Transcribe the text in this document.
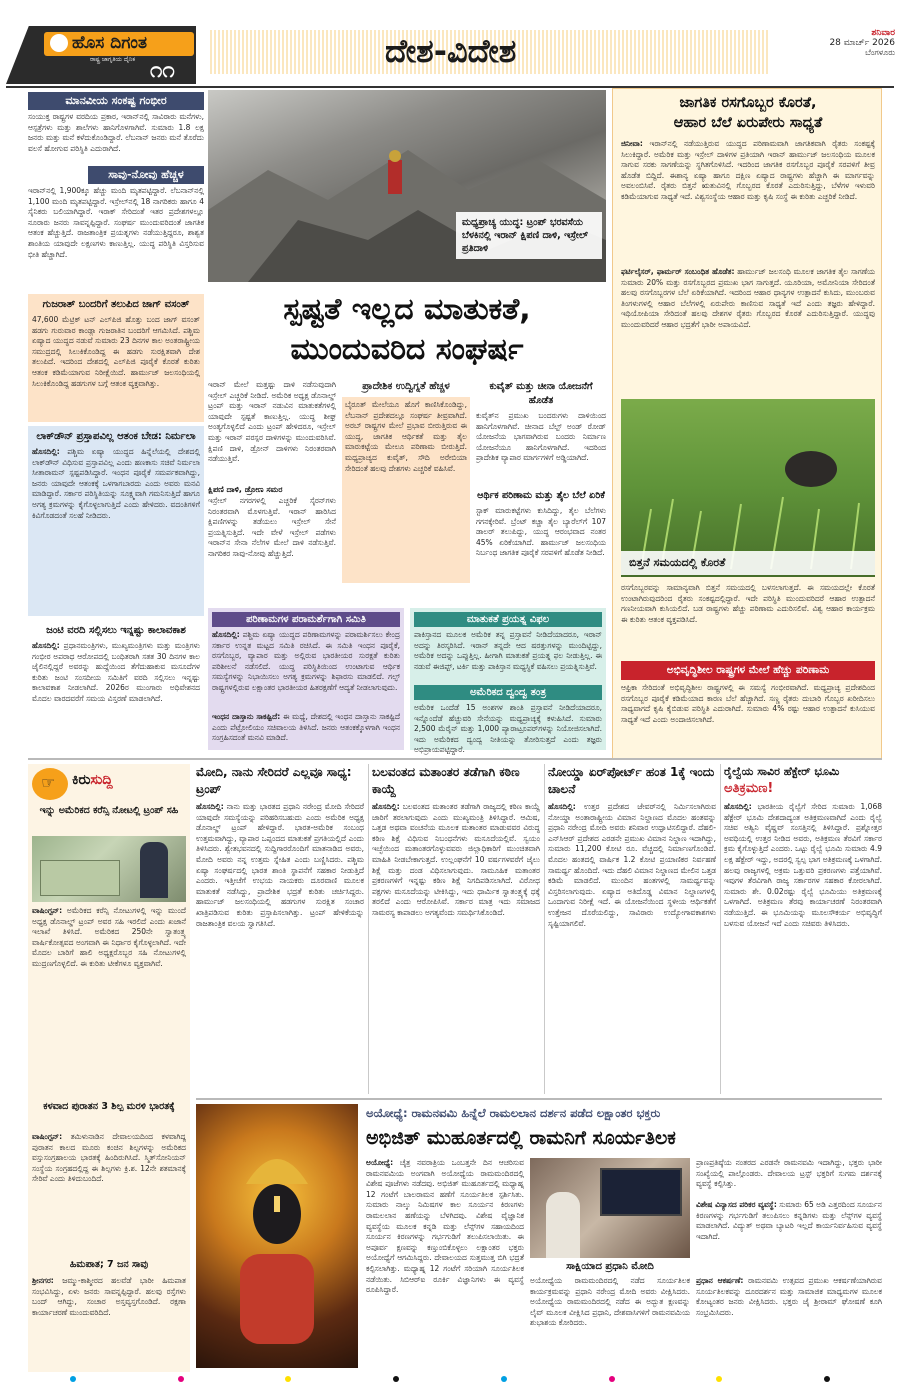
ಹೊಸ ದಿಗಂತ
ರಾಷ್ಟ್ರ ಜಾಗೃತಿಯ ದೈನಿಕ ೧೧
ದೇಶ-ವಿದೇಶ	ಶನಿವಾರ
28 ಮಾರ್ಚ್ 2026
ಬೆಂಗಳೂರು
ಮಾನವೀಯ ಸಂಕಷ್ಟ ಗಂಭೀರ
ಸಂಯುಕ್ತ ರಾಷ್ಟ್ರಗಳ ವರದಿಯ ಪ್ರಕಾರ, ಇರಾನ್‌ನಲ್ಲಿ ಸಾವಿರಾರು ಮನೆಗಳು, ಆಸ್ಪತ್ರೆಗಳು ಮತ್ತು ಶಾಲೆಗಳು ಹಾನಿಗೊಳಗಾಗಿವೆ. ಸುಮಾರು 1.8 ಲಕ್ಷ ಜನರು ಮತ್ತು ಮನೆ ಕಳೆದುಕೊಂಡಿದ್ದಾರೆ. ಲೆಬನಾನ್ ಜನರು ಮನೆ ತೊರೆದು ವಲಸೆ ಹೋಗುವ ಪರಿಸ್ಥಿತಿ ಎದುರಾಗಿದೆ.
ಸಾವು-ನೋವು ಹೆಚ್ಚಳ
ಇರಾನ್‌ನಲ್ಲಿ 1,900ಕ್ಕೂ ಹೆಚ್ಚು ಮಂದಿ ಮೃತಪಟ್ಟಿದ್ದಾರೆ. ಲೆಬನಾನ್‌ನಲ್ಲಿ 1,100 ಮಂದಿ ಮೃತಪಟ್ಟಿದ್ದಾರೆ. ಇಸ್ರೇಲ್‌ನಲ್ಲಿ 18 ನಾಗರಿಕರು ಹಾಗೂ 4 ಸೈನಿಕರು ಬಲಿಯಾಗಿದ್ದಾರೆ. ಇರಾಕ್ ಸೇರಿದಂತೆ ಇತರ ಪ್ರದೇಶಗಳಲ್ಲೂ ನೂರಾರು ಜನರು ಸಾವನ್ನಪ್ಪಿದ್ದಾರೆ. ಸಂಘರ್ಷ ಮುಂದುವರಿದಂತೆ ಜಾಗತಿಕ ಆತಂಕ ಹೆಚ್ಚುತ್ತಿದೆ. ರಾಜತಾಂತ್ರಿಕ ಪ್ರಯತ್ನಗಳು ನಡೆಯುತ್ತಿದ್ದರೂ, ಶಾಶ್ವತ ಶಾಂತಿಯ ಯಾವುದೇ ಲಕ್ಷಣಗಳು ಕಾಣುತ್ತಿಲ್ಲ. ಯುದ್ಧ ಪರಿಸ್ಥಿತಿ ವಿಸ್ತರಿಸುವ ಭೀತಿ ಹೆಚ್ಚಾಗಿದೆ.
ಗುಜರಾತ್ ಬಂದರಿಗೆ ತಲುಪಿದ ಜಾಗ್ ವಸಂತ್
47,600 ಮೆಟ್ರಿಕ್ ಟನ್ ಎಲ್‌ಪಿಜಿ ಹೊತ್ತು ಬಂದ ಜಾಗ್ ವಸಂತ್ ಹಡಗು ಗುರುವಾರ ಕಾಂಡ್ಲಾ ಗುಜರಾತಿನ ಬಂದರಿಗೆ ಆಗಮಿಸಿದೆ. ಪಶ್ಚಿಮ ಏಷ್ಯಾದ ಯುದ್ಧದ ನಡುವೆ ಸುಮಾರು 23 ದಿನಗಳ ಕಾಲ ಅಂತರಾಷ್ಟ್ರೀಯ ಸಮುದ್ರದಲ್ಲಿ ಸಿಲುಕಿಕೊಂಡಿದ್ದ ಈ ಹಡಗು ಸುರಕ್ಷಿತವಾಗಿ ದೇಶ ತಲುಪಿದೆ. ಇದರಿಂದ ದೇಶದಲ್ಲಿ ಎಲ್‌ಪಿಜಿ ಪೂರೈಕೆ ಕೊರತೆ ಕುರಿತು ಆತಂಕ ಕಡಿಮೆಯಾಗುವ ನಿರೀಕ್ಷೆಯಿದೆ. ಹಾರ್ಮುಜ್ ಜಲಸಂಧಿಯಲ್ಲಿ ಸಿಲುಕಿಕೊಂಡಿದ್ದ ಹಡಗುಗಳ ಬಗ್ಗೆ ಆತಂಕ ವ್ಯಕ್ತವಾಗಿತ್ತು.
ಲಾಕ್‌ಡೌನ್ ಪ್ರಸ್ತಾಪವಿಲ್ಲ ಆತಂಕ ಬೇಡ: ನಿರ್ಮಲಾ
ಹೊಸದಿಲ್ಲಿ: ಪಶ್ಚಿಮ ಏಷ್ಯಾ ಯುದ್ಧದ ಹಿನ್ನೆಲೆಯಲ್ಲಿ ದೇಶದಲ್ಲಿ ಲಾಕ್‌ಡೌನ್ ವಿಧಿಸುವ ಪ್ರಸ್ತಾಪವಿಲ್ಲ ಎಂದು ಹಣಕಾಸು ಸಚಿವೆ ನಿರ್ಮಲಾ ಸೀತಾರಾಮನ್ ಸ್ಪಷ್ಟಪಡಿಸಿದ್ದಾರೆ. ಇಂಧನ ಪೂರೈಕೆ ಸಮರ್ಪಕವಾಗಿದ್ದು, ಜನರು ಯಾವುದೇ ಆತಂಕಕ್ಕೆ ಒಳಗಾಗಬಾರದು ಎಂದು ಅವರು ಮನವಿ ಮಾಡಿದ್ದಾರೆ. ಸರ್ಕಾರ ಪರಿಸ್ಥಿತಿಯನ್ನು ಸೂಕ್ಷ್ಮವಾಗಿ ಗಮನಿಸುತ್ತಿದೆ ಹಾಗೂ ಅಗತ್ಯ ಕ್ರಮಗಳನ್ನು ಕೈಗೊಳ್ಳಲಾಗುತ್ತಿದೆ ಎಂದು ಹೇಳಿದರು. ವದಂತಿಗಳಿಗೆ ಕಿವಿಗೊಡದಂತೆ ಸಲಹೆ ನೀಡಿದರು.
ಜಂಟಿ ವರದಿ ಸಲ್ಲಿಸಲು ಇನ್ನಷ್ಟು ಕಾಲಾವಕಾಶ
ಹೊಸದಿಲ್ಲಿ: ಪ್ರಧಾನಮಂತ್ರಿಗಳು, ಮುಖ್ಯಮಂತ್ರಿಗಳು ಮತ್ತು ಮಂತ್ರಿಗಳು ಗಂಭೀರ ಅಪರಾಧ ಆರೋಪದಲ್ಲಿ ಬಂಧಿತರಾಗಿ ಸತತ 30 ದಿನಗಳ ಕಾಲ ಜೈಲಿನಲ್ಲಿದ್ದರೆ ಅವರನ್ನು ಹುದ್ದೆಯಿಂದ ತೆಗೆದುಹಾಕುವ ಮಸೂದೆಗಳ ಕುರಿತು ಜಂಟಿ ಸಂಸದೀಯ ಸಮಿತಿಗೆ ವರದಿ ಸಲ್ಲಿಸಲು ಇನ್ನಷ್ಟು ಕಾಲಾವಕಾಶ ನೀಡಲಾಗಿದೆ. 2026ರ ಮುಂಗಾರು ಅಧಿವೇಶನದ ಮೊದಲ ವಾರದವರೆಗೆ ಸಮಯ ವಿಸ್ತರಣೆ ಮಾಡಲಾಗಿದೆ.
ಮಧ್ಯಪ್ರಾಚ್ಯ ಯುದ್ಧ: ಟ್ರಂಪ್ ಭರವಸೆಯ ಬೆಳಕಿನಲ್ಲಿ ಇರಾನ್ ಕ್ಷಿಪಣಿ ದಾಳಿ, ಇಸ್ರೇಲ್ ಪ್ರತಿದಾಳಿ
ಸ್ಪಷ್ಟತೆ ಇಲ್ಲದ ಮಾತುಕತೆ,
ಮುಂದುವರಿದ ಸಂಘರ್ಷ
ಇರಾನ್ ಮೇಲೆ ಮತ್ತಷ್ಟು ದಾಳಿ ನಡೆಸುವುದಾಗಿ ಇಸ್ರೇಲ್ ಎಚ್ಚರಿಕೆ ನೀಡಿದೆ. ಅಮೆರಿಕ ಅಧ್ಯಕ್ಷ ಡೊನಾಲ್ಡ್ ಟ್ರಂಪ್ ಮತ್ತು ಇರಾನ್ ನಡುವಿನ ಮಾತುಕತೆಗಳಲ್ಲಿ ಯಾವುದೇ ಸ್ಪಷ್ಟತೆ ಕಾಣುತ್ತಿಲ್ಲ. ಯುದ್ಧ ಶೀಘ್ರ ಅಂತ್ಯಗೊಳ್ಳಲಿದೆ ಎಂದು ಟ್ರಂಪ್ ಹೇಳಿದರೂ, ಇಸ್ರೇಲ್ ಮತ್ತು ಇರಾನ್ ಪರಸ್ಪರ ದಾಳಿಗಳನ್ನು ಮುಂದುವರಿಸಿವೆ. ಕ್ಷಿಪಣಿ ದಾಳಿ, ಡ್ರೋನ್ ದಾಳಿಗಳು ನಿರಂತರವಾಗಿ ನಡೆಯುತ್ತಿವೆ.
ಕ್ಷಿಪಣಿ ದಾಳಿ, ಡ್ರೋಣ ಸಮರ
ಇಸ್ರೇಲ್ ನಗರಗಳಲ್ಲಿ ಎಚ್ಚರಿಕೆ ಸೈರನ್‌ಗಳು ನಿರಂತರವಾಗಿ ಮೊಳಗುತ್ತಿವೆ. ಇರಾನ್ ಹಾರಿಸಿದ ಕ್ಷಿಪಣಿಗಳನ್ನು ತಡೆಯಲು ಇಸ್ರೇಲ್ ಸೇನೆ ಪ್ರಯತ್ನಿಸುತ್ತಿದೆ. ಇದೇ ವೇಳೆ ಇಸ್ರೇಲ್ ಪಡೆಗಳು ಇರಾನ್‌ನ ಸೇನಾ ನೆಲೆಗಳ ಮೇಲೆ ದಾಳಿ ನಡೆಸುತ್ತಿವೆ. ನಾಗರಿಕರ ಸಾವು-ನೋವು ಹೆಚ್ಚುತ್ತಿದೆ.
ಪ್ರಾದೇಶಿಕ ಉದ್ವಿಗ್ನತೆ ಹೆಚ್ಚಳ
ಬೈರೂತ್ ಮೇಲೆಯೂ ಹೊಗೆ ಕಾಣಿಸಿಕೊಂಡಿದ್ದು, ಲೆಬನಾನ್ ಪ್ರದೇಶದಲ್ಲೂ ಸಂಘರ್ಷ ತೀವ್ರವಾಗಿದೆ. ಅರಬ್ ರಾಷ್ಟ್ರಗಳ ಮೇಲೆ ಪ್ರಭಾವ ಬೀರುತ್ತಿರುವ ಈ ಯುದ್ಧ, ಜಾಗತಿಕ ಆರ್ಥಿಕತೆ ಮತ್ತು ತೈಲ ಮಾರುಕಟ್ಟೆಯ ಮೇಲೂ ಪರಿಣಾಮ ಬೀರುತ್ತಿದೆ. ಮಧ್ಯಪ್ರಾಚ್ಯದ ಕುವೈತ್, ಸೌದಿ ಅರೇಬಿಯಾ ಸೇರಿದಂತೆ ಹಲವು ದೇಶಗಳು ಎಚ್ಚರಿಕೆ ವಹಿಸಿವೆ.
ಕುವೈತ್ ಮತ್ತು ಚೀನಾ ಯೋಜನೆಗೆ ಹೊಡೆತ
ಕುವೈತ್‌ನ ಪ್ರಮುಖ ಬಂದರುಗಳು ದಾಳಿಯಿಂದ ಹಾನಿಗೊಳಗಾಗಿವೆ. ಚೀನಾದ ಬೆಲ್ಟ್ ಅಂಡ್ ರೋಡ್ ಯೋಜನೆಯ ಭಾಗವಾಗಿರುವ ಬಂದರು ನಿರ್ಮಾಣ ಯೋಜನೆಯೂ ಹಾನಿಗೊಳಗಾಗಿದೆ. ಇದರಿಂದ ಪ್ರಾದೇಶಿಕ ವ್ಯಾಪಾರ ಮಾರ್ಗಗಳಿಗೆ ಅಡ್ಡಿಯಾಗಿದೆ.
ಆರ್ಥಿಕ ಪರಿಣಾಮ ಮತ್ತು ತೈಲ ಬೆಲೆ ಏರಿಕೆ
ಸ್ಟಾಕ್ ಮಾರುಕಟ್ಟೆಗಳು ಕುಸಿದಿದ್ದು, ತೈಲ ಬೆಲೆಗಳು ಗಗನಕ್ಕೇರಿವೆ. ಬ್ರೆಂಟ್ ಕಚ್ಚಾ ತೈಲ ಬ್ಯಾರೆಲ್‌ಗೆ 107 ಡಾಲರ್ ತಲುಪಿದ್ದು, ಯುದ್ಧ ಆರಂಭವಾದ ನಂತರ 45% ಏರಿಕೆಯಾಗಿದೆ. ಹಾರ್ಮುಜ್ ಜಲಸಂಧಿಯ ನಿರ್ಬಂಧ ಜಾಗತಿಕ ಪೂರೈಕೆ ಸರಪಳಿಗೆ ಹೊಡೆತ ನೀಡಿದೆ.
ಜಾಗತಿಕ ರಸಗೊಬ್ಬರ ಕೊರತೆ,
ಆಹಾರ ಬೆಲೆ ಏರುಪೇರು ಸಾಧ್ಯತೆ
ಜಿನೀವಾ: ಇರಾನ್‌ನಲ್ಲಿ ನಡೆಯುತ್ತಿರುವ ಯುದ್ಧದ ಪರಿಣಾಮವಾಗಿ ಜಾಗತಿಕವಾಗಿ ರೈತರು ಸಂಕಷ್ಟಕ್ಕೆ ಸಿಲುಕಿದ್ದಾರೆ. ಅಮೆರಿಕ ಮತ್ತು ಇಸ್ರೇಲ್ ದಾಳಿಗಳ ಪ್ರತಿಯಾಗಿ ಇರಾನ್ ಹಾರ್ಮುಜ್ ಜಲಸಂಧಿಯ ಮೂಲಕ ಸಾಗುವ ಸರಕು ಸಾಗಣೆಯನ್ನು ಸ್ಥಗಿತಗೊಳಿಸಿದೆ. ಇದರಿಂದ ಜಾಗತಿಕ ರಸಗೊಬ್ಬರ ಪೂರೈಕೆ ಸರಪಳಿಗೆ ತೀವ್ರ ಹೊಡೆತ ಬಿದ್ದಿದೆ. ಈಶಾನ್ಯ ಏಷ್ಯಾ ಹಾಗೂ ದಕ್ಷಿಣ ಏಷ್ಯಾದ ರಾಷ್ಟ್ರಗಳು ಹೆಚ್ಚಾಗಿ ಈ ಮಾರ್ಗವನ್ನು ಅವಲಂಬಿಸಿವೆ. ರೈತರು ಬಿತ್ತನೆ ಋತುವಿನಲ್ಲಿ ಗೊಬ್ಬರದ ಕೊರತೆ ಎದುರಿಸುತ್ತಿದ್ದು, ಬೆಳೆಗಳ ಇಳುವರಿ ಕಡಿಮೆಯಾಗುವ ಸಾಧ್ಯತೆ ಇದೆ. ವಿಶ್ವಸಂಸ್ಥೆಯ ಆಹಾರ ಮತ್ತು ಕೃಷಿ ಸಂಸ್ಥೆ ಈ ಕುರಿತು ಎಚ್ಚರಿಕೆ ನೀಡಿದೆ.
ಫರ್ಟಿಲೈಸರ್, ಫಾರ್ಮರ್ ಸಂಬಂಧಿತ ಹೊಡೆತ: ಹಾರ್ಮುಜ್ ಜಲಸಂಧಿ ಮೂಲಕ ಜಾಗತಿಕ ತೈಲ ಸಾಗಣೆಯ ಸುಮಾರು 20% ಮತ್ತು ರಸಗೊಬ್ಬರದ ಪ್ರಮುಖ ಭಾಗ ಸಾಗುತ್ತದೆ. ಯೂರಿಯಾ, ಅಮೋನಿಯಾ ಸೇರಿದಂತೆ ಹಲವು ರಸಗೊಬ್ಬರಗಳ ಬೆಲೆ ಏರಿಕೆಯಾಗಿದೆ. ಇದರಿಂದ ಆಹಾರ ಧಾನ್ಯಗಳ ಉತ್ಪಾದನೆ ಕುಸಿದು, ಮುಂಬರುವ ತಿಂಗಳುಗಳಲ್ಲಿ ಆಹಾರ ಬೆಲೆಗಳಲ್ಲಿ ಏರುಪೇರು ಕಾಣಿಸುವ ಸಾಧ್ಯತೆ ಇದೆ ಎಂದು ತಜ್ಞರು ಹೇಳಿದ್ದಾರೆ. ಇಥಿಯೋಪಿಯಾ ಸೇರಿದಂತೆ ಹಲವು ದೇಶಗಳ ರೈತರು ಗೊಬ್ಬರದ ಕೊರತೆ ಎದುರಿಸುತ್ತಿದ್ದಾರೆ. ಯುದ್ಧವು ಮುಂದುವರಿದರೆ ಆಹಾರ ಭದ್ರತೆಗೆ ಭಾರೀ ಅಪಾಯವಿದೆ.
ಬಿತ್ತನೆ ಸಮಯದಲ್ಲಿ ಕೊರತೆ
ರಸಗೊಬ್ಬರವನ್ನು ಸಾಮಾನ್ಯವಾಗಿ ಬಿತ್ತನೆ ಸಮಯದಲ್ಲಿ ಬಳಸಲಾಗುತ್ತದೆ. ಈ ಸಮಯದಲ್ಲೇ ಕೊರತೆ ಉಂಟಾಗಿರುವುದರಿಂದ ರೈತರು ಸಂಕಷ್ಟದಲ್ಲಿದ್ದಾರೆ. ಇದೇ ಪರಿಸ್ಥಿತಿ ಮುಂದುವರಿದರೆ ಆಹಾರ ಉತ್ಪಾದನೆ ಗಣನೀಯವಾಗಿ ಕುಸಿಯಲಿದೆ. ಬಡ ರಾಷ್ಟ್ರಗಳು ಹೆಚ್ಚು ಪರಿಣಾಮ ಎದುರಿಸಲಿವೆ. ವಿಶ್ವ ಆಹಾರ ಕಾರ್ಯಕ್ರಮ ಈ ಕುರಿತು ಆತಂಕ ವ್ಯಕ್ತಪಡಿಸಿದೆ.
ಅಭಿವೃದ್ಧಿಶೀಲ ರಾಷ್ಟ್ರಗಳ ಮೇಲೆ ಹೆಚ್ಚು ಪರಿಣಾಮ
ಆಫ್ರಿಕಾ ಸೇರಿದಂತೆ ಅಭಿವೃದ್ಧಿಶೀಲ ರಾಷ್ಟ್ರಗಳಲ್ಲಿ ಈ ಸಮಸ್ಯೆ ಗಂಭೀರವಾಗಿದೆ. ಮಧ್ಯಪ್ರಾಚ್ಯ ಪ್ರದೇಶದಿಂದ ರಸಗೊಬ್ಬರ ಪೂರೈಕೆ ಕಡಿಮೆಯಾದ ಕಾರಣ ಬೆಲೆ ಹೆಚ್ಚಾಗಿದೆ. ಸಣ್ಣ ರೈತರು ದುಬಾರಿ ಗೊಬ್ಬರ ಖರೀದಿಸಲು ಸಾಧ್ಯವಾಗದೆ ಕೃಷಿ ಕೈಬಿಡುವ ಪರಿಸ್ಥಿತಿ ಎದುರಾಗಿದೆ. ಸುಮಾರು 4% ರಷ್ಟು ಆಹಾರ ಉತ್ಪಾದನೆ ಕುಸಿಯುವ ಸಾಧ್ಯತೆ ಇದೆ ಎಂದು ಅಂದಾಜಿಸಲಾಗಿದೆ.
ಪರಿಣಾಮಗಳ ಪರಾಮರ್ಶೆಗಾಗಿ ಸಮಿತಿ
ಹೊಸದಿಲ್ಲಿ: ಪಶ್ಚಿಮ ಏಷ್ಯಾ ಯುದ್ಧದ ಪರಿಣಾಮಗಳನ್ನು ಪರಾಮರ್ಶಿಸಲು ಕೇಂದ್ರ ಸರ್ಕಾರ ಉನ್ನತ ಮಟ್ಟದ ಸಮಿತಿ ರಚಿಸಿದೆ. ಈ ಸಮಿತಿ ಇಂಧನ ಪೂರೈಕೆ, ರಸಗೊಬ್ಬರ, ವ್ಯಾಪಾರ ಮತ್ತು ಅಲ್ಲಿರುವ ಭಾರತೀಯರ ಸುರಕ್ಷತೆ ಕುರಿತು ಪರಿಶೀಲನೆ ನಡೆಸಲಿದೆ. ಯುದ್ಧ ಪರಿಸ್ಥಿತಿಯಿಂದ ಉಂಟಾಗುವ ಆರ್ಥಿಕ ಸಮಸ್ಯೆಗಳನ್ನು ನಿಭಾಯಿಸಲು ಅಗತ್ಯ ಕ್ರಮಗಳನ್ನು ಶಿಫಾರಸು ಮಾಡಲಿದೆ. ಗಲ್ಫ್ ರಾಷ್ಟ್ರಗಳಲ್ಲಿರುವ ಲಕ್ಷಾಂತರ ಭಾರತೀಯರ ಹಿತರಕ್ಷಣೆಗೆ ಆದ್ಯತೆ ನೀಡಲಾಗುವುದು.
ಇಂಧನ ದಾಸ್ತಾನು ಸಾಕಷ್ಟಿದೆ: ಈ ಮಧ್ಯೆ, ದೇಶದಲ್ಲಿ ಇಂಧನ ದಾಸ್ತಾನು ಸಾಕಷ್ಟಿದೆ ಎಂದು ಪೆಟ್ರೋಲಿಯಂ ಸಚಿವಾಲಯ ತಿಳಿಸಿದೆ. ಜನರು ಆತಂಕಕ್ಕೊಳಗಾಗಿ ಇಂಧನ ಸಂಗ್ರಹಿಸದಂತೆ ಮನವಿ ಮಾಡಿದೆ.
ಮಾತುಕತೆ ಪ್ರಯತ್ನ ವಿಫಲ
ಪಾಕಿಸ್ತಾನದ ಮೂಲಕ ಅಮೆರಿಕ ತನ್ನ ಪ್ರಸ್ತಾವನೆ ನೀಡಿದೆಯಾದರೂ, ಇರಾನ್ ಅದನ್ನು ತಿರಸ್ಕರಿಸಿದೆ. ಇರಾನ್ ತನ್ನದೇ ಆದ ಷರತ್ತುಗಳನ್ನು ಮುಂದಿಟ್ಟಿದ್ದು, ಅಮೆರಿಕ ಅದನ್ನು ಒಪ್ಪುತ್ತಿಲ್ಲ. ಹೀಗಾಗಿ ಮಾತುಕತೆ ಪ್ರಯತ್ನ ಫಲ ನೀಡುತ್ತಿಲ್ಲ. ಈ ನಡುವೆ ಈಜಿಪ್ಟ್, ಟರ್ಕಿ ಮತ್ತು ಪಾಕಿಸ್ತಾನ ಮಧ್ಯಸ್ಥಿಕೆ ವಹಿಸಲು ಪ್ರಯತ್ನಿಸುತ್ತಿವೆ.
ಅಮೆರಿಕದ ದ್ವಂದ್ವ ತಂತ್ರ
ಅಮೆರಿಕ ಒಂದೆಡೆ 15 ಅಂಶಗಳ ಶಾಂತಿ ಪ್ರಸ್ತಾವನೆ ನೀಡಿದೆಯಾದರೂ, ಇನ್ನೊಂದೆಡೆ ಹೆಚ್ಚುವರಿ ಸೇನೆಯನ್ನು ಮಧ್ಯಪ್ರಾಚ್ಯಕ್ಕೆ ಕಳುಹಿಸಿದೆ. ಸುಮಾರು 2,500 ಮೆರೈನ್ ಮತ್ತು 1,000 ಪ್ಯಾರಾಟ್ರೂಪರ್‌ಗಳನ್ನು ನಿಯೋಜಿಸಲಾಗಿದೆ. ಇದು ಅಮೆರಿಕದ ದ್ವಂದ್ವ ನೀತಿಯನ್ನು ತೋರಿಸುತ್ತದೆ ಎಂದು ತಜ್ಞರು ಅಭಿಪ್ರಾಯಪಟ್ಟಿದ್ದಾರೆ.
☞ ಕಿರುಸುದ್ದಿ
ಇನ್ನು ಅಮೆರಿಕದ ಕರೆನ್ಸಿ ನೋಟಲ್ಲಿ ಟ್ರಂಪ್ ಸಹಿ
ವಾಷಿಂಗ್ಟನ್: ಅಮೆರಿಕದ ಕರೆನ್ಸಿ ನೋಟುಗಳಲ್ಲಿ ಇನ್ನು ಮುಂದೆ ಅಧ್ಯಕ್ಷ ಡೊನಾಲ್ಡ್ ಟ್ರಂಪ್ ಅವರ ಸಹಿ ಇರಲಿದೆ ಎಂದು ಖಜಾನೆ ಇಲಾಖೆ ತಿಳಿಸಿದೆ. ಅಮೆರಿಕದ 250ನೇ ಸ್ವಾತಂತ್ರ್ಯ ವಾರ್ಷಿಕೋತ್ಸವದ ಅಂಗವಾಗಿ ಈ ನಿರ್ಧಾರ ಕೈಗೊಳ್ಳಲಾಗಿದೆ. ಇದೇ ಮೊದಲ ಬಾರಿಗೆ ಹಾಲಿ ಅಧ್ಯಕ್ಷರೊಬ್ಬರ ಸಹಿ ನೋಟುಗಳಲ್ಲಿ ಮುದ್ರಣಗೊಳ್ಳಲಿದೆ. ಈ ಕುರಿತು ಟೀಕೆಗಳೂ ವ್ಯಕ್ತವಾಗಿವೆ.
ಕಳವಾದ ಪುರಾತನ 3 ಶಿಲ್ಪ ಮರಳಿ ಭಾರತಕ್ಕೆ
ವಾಷಿಂಗ್ಟನ್: ತಮಿಳುನಾಡಿನ ದೇವಾಲಯದಿಂದ ಕಳವಾಗಿದ್ದ ಪುರಾತನ ಕಾಲದ ಮೂರು ಕಂಚಿನ ಶಿಲ್ಪಗಳನ್ನು ಅಮೆರಿಕದ ವಸ್ತುಸಂಗ್ರಹಾಲಯ ಭಾರತಕ್ಕೆ ಹಿಂದಿರುಗಿಸಿದೆ. ಸ್ಮಿತ್‌ಸೋನಿಯನ್ ಸಂಸ್ಥೆಯ ಸಂಗ್ರಹದಲ್ಲಿದ್ದ ಈ ಶಿಲ್ಪಗಳು ಕ್ರಿ.ಶ. 12ನೇ ಶತಮಾನಕ್ಕೆ ಸೇರಿವೆ ಎಂದು ತಿಳಿದುಬಂದಿದೆ.
ಹಿಮಪಾತ; 7 ಜನ ಸಾವು
ಶ್ರೀನಗರ: ಜಮ್ಮು-ಕಾಶ್ಮೀರದ ಹಲವೆಡೆ ಭಾರೀ ಹಿಮಪಾತ ಸಂಭವಿಸಿದ್ದು, ಏಳು ಜನರು ಸಾವನ್ನಪ್ಪಿದ್ದಾರೆ. ಹಲವು ರಸ್ತೆಗಳು ಬಂದ್ ಆಗಿದ್ದು, ಸಂಚಾರ ಅಸ್ತವ್ಯಸ್ತಗೊಂಡಿದೆ. ರಕ್ಷಣಾ ಕಾರ್ಯಾಚರಣೆ ಮುಂದುವರಿದಿದೆ.
ಮೋದಿ, ನಾನು ಸೇರಿದರೆ ಎಲ್ಲವೂ ಸಾಧ್ಯ: ಟ್ರಂಪ್
ಹೊಸದಿಲ್ಲಿ: ನಾನು ಮತ್ತು ಭಾರತದ ಪ್ರಧಾನಿ ನರೇಂದ್ರ ಮೋದಿ ಸೇರಿದರೆ ಯಾವುದೇ ಸಮಸ್ಯೆಯನ್ನು ಪರಿಹರಿಸಬಹುದು ಎಂದು ಅಮೆರಿಕ ಅಧ್ಯಕ್ಷ ಡೊನಾಲ್ಡ್ ಟ್ರಂಪ್ ಹೇಳಿದ್ದಾರೆ. ಭಾರತ-ಅಮೆರಿಕ ಸಂಬಂಧ ಉತ್ತಮವಾಗಿದ್ದು, ವ್ಯಾಪಾರ ಒಪ್ಪಂದದ ಮಾತುಕತೆ ಪ್ರಗತಿಯಲ್ಲಿದೆ ಎಂದು ತಿಳಿಸಿದರು. ಶ್ವೇತಭವನದಲ್ಲಿ ಸುದ್ದಿಗಾರರೊಂದಿಗೆ ಮಾತನಾಡಿದ ಅವರು, ಮೋದಿ ಅವರು ನನ್ನ ಉತ್ತಮ ಸ್ನೇಹಿತ ಎಂದು ಬಣ್ಣಿಸಿದರು. ಪಶ್ಚಿಮ ಏಷ್ಯಾ ಸಂಘರ್ಷದಲ್ಲಿ ಭಾರತ ಶಾಂತಿ ಸ್ಥಾಪನೆಗೆ ಸಹಕಾರ ನೀಡುತ್ತಿದೆ ಎಂದರು. ಇತ್ತೀಚೆಗೆ ಉಭಯ ನಾಯಕರು ದೂರವಾಣಿ ಮೂಲಕ ಮಾತುಕತೆ ನಡೆಸಿದ್ದು, ಪ್ರಾದೇಶಿಕ ಭದ್ರತೆ ಕುರಿತು ಚರ್ಚಿಸಿದ್ದರು. ಹಾರ್ಮುಜ್ ಜಲಸಂಧಿಯಲ್ಲಿ ಹಡಗುಗಳ ಸುರಕ್ಷಿತ ಸಂಚಾರ ಖಾತ್ರಿಪಡಿಸುವ ಕುರಿತು ಪ್ರಸ್ತಾಪಿಸಲಾಗಿತ್ತು. ಟ್ರಂಪ್ ಹೇಳಿಕೆಯನ್ನು ರಾಜತಾಂತ್ರಿಕ ವಲಯ ಸ್ವಾಗತಿಸಿದೆ.
ಬಲವಂತದ ಮತಾಂತರ ತಡೆಗಾಗಿ ಕಠಿಣ ಕಾಯ್ದೆ
ಹೊಸದಿಲ್ಲಿ: ಬಲವಂತದ ಮತಾಂತರ ತಡೆಗಾಗಿ ರಾಜ್ಯದಲ್ಲಿ ಕಠಿಣ ಕಾಯ್ದೆ ಜಾರಿಗೆ ತರಲಾಗುವುದು ಎಂದು ಮುಖ್ಯಮಂತ್ರಿ ತಿಳಿಸಿದ್ದಾರೆ. ಆಮಿಷ, ಒತ್ತಡ ಅಥವಾ ವಂಚನೆಯ ಮೂಲಕ ಮತಾಂತರ ಮಾಡುವವರ ವಿರುದ್ಧ ಕಠಿಣ ಶಿಕ್ಷೆ ವಿಧಿಸುವ ನಿಬಂಧನೆಗಳು ಮಸೂದೆಯಲ್ಲಿವೆ. ಸ್ವಯಂ ಇಚ್ಛೆಯಿಂದ ಮತಾಂತರಗೊಳ್ಳುವವರು ಜಿಲ್ಲಾಧಿಕಾರಿಗೆ ಮುಂಚಿತವಾಗಿ ಮಾಹಿತಿ ನೀಡಬೇಕಾಗುತ್ತದೆ. ಉಲ್ಲಂಘನೆಗೆ 10 ವರ್ಷಗಳವರೆಗೆ ಜೈಲು ಶಿಕ್ಷೆ ಮತ್ತು ದಂಡ ವಿಧಿಸಲಾಗುವುದು. ಸಾಮೂಹಿಕ ಮತಾಂತರ ಪ್ರಕರಣಗಳಿಗೆ ಇನ್ನಷ್ಟು ಕಠಿಣ ಶಿಕ್ಷೆ ನಿಗದಿಪಡಿಸಲಾಗಿದೆ. ವಿರೋಧ ಪಕ್ಷಗಳು ಮಸೂದೆಯನ್ನು ಟೀಕಿಸಿದ್ದು, ಇದು ಧಾರ್ಮಿಕ ಸ್ವಾತಂತ್ರ್ಯಕ್ಕೆ ಧಕ್ಕೆ ತರಲಿದೆ ಎಂದು ಆರೋಪಿಸಿವೆ. ಸರ್ಕಾರ ಮಾತ್ರ ಇದು ಸಮಾಜದ ಸಾಮರಸ್ಯ ಕಾಪಾಡಲು ಅಗತ್ಯವೆಂದು ಸಮರ್ಥಿಸಿಕೊಂಡಿದೆ.
ನೋಯ್ಡಾ ಏರ್‌ಪೋರ್ಟ್ ಹಂತ 1ಕ್ಕೆ ಇಂದು ಚಾಲನೆ
ಹೊಸದಿಲ್ಲಿ: ಉತ್ತರ ಪ್ರದೇಶದ ಜೇವರ್‌ನಲ್ಲಿ ನಿರ್ಮಿಸಲಾಗಿರುವ ನೋಯ್ಡಾ ಅಂತಾರಾಷ್ಟ್ರೀಯ ವಿಮಾನ ನಿಲ್ದಾಣದ ಮೊದಲ ಹಂತವನ್ನು ಪ್ರಧಾನಿ ನರೇಂದ್ರ ಮೋದಿ ಅವರು ಶನಿವಾರ ಉದ್ಘಾಟಿಸಲಿದ್ದಾರೆ. ದೆಹಲಿ-ಎನ್‌ಸಿಆರ್ ಪ್ರದೇಶದ ಎರಡನೇ ಪ್ರಮುಖ ವಿಮಾನ ನಿಲ್ದಾಣ ಇದಾಗಿದ್ದು, ಸುಮಾರು 11,200 ಕೋಟಿ ರೂ. ವೆಚ್ಚದಲ್ಲಿ ನಿರ್ಮಾಣಗೊಂಡಿದೆ. ಮೊದಲ ಹಂತದಲ್ಲಿ ವಾರ್ಷಿಕ 1.2 ಕೋಟಿ ಪ್ರಯಾಣಿಕರ ನಿರ್ವಹಣೆ ಸಾಮರ್ಥ್ಯ ಹೊಂದಿದೆ. ಇದು ದೆಹಲಿ ವಿಮಾನ ನಿಲ್ದಾಣದ ಮೇಲಿನ ಒತ್ತಡ ಕಡಿಮೆ ಮಾಡಲಿದೆ. ಮುಂದಿನ ಹಂತಗಳಲ್ಲಿ ಸಾಮರ್ಥ್ಯವನ್ನು ವಿಸ್ತರಿಸಲಾಗುವುದು. ಏಷ್ಯಾದ ಅತಿದೊಡ್ಡ ವಿಮಾನ ನಿಲ್ದಾಣಗಳಲ್ಲಿ ಒಂದಾಗುವ ನಿರೀಕ್ಷೆ ಇದೆ. ಈ ಯೋಜನೆಯಿಂದ ಸ್ಥಳೀಯ ಆರ್ಥಿಕತೆಗೆ ಉತ್ತೇಜನ ದೊರೆಯಲಿದ್ದು, ಸಾವಿರಾರು ಉದ್ಯೋಗಾವಕಾಶಗಳು ಸೃಷ್ಟಿಯಾಗಲಿವೆ.
ರೈಲ್ವೆಯ ಸಾವಿರ ಹೆಕ್ಟೇರ್ ಭೂಮಿ
ಅತಿಕ್ರಮಣ!
ಹೊಸದಿಲ್ಲಿ: ಭಾರತೀಯ ರೈಲ್ವೆಗೆ ಸೇರಿದ ಸುಮಾರು 1,068 ಹೆಕ್ಟೇರ್ ಭೂಮಿ ದೇಶದಾದ್ಯಂತ ಅತಿಕ್ರಮಣವಾಗಿದೆ ಎಂದು ರೈಲ್ವೆ ಸಚಿವ ಅಶ್ವಿನಿ ವೈಷ್ಣವ್ ಸಂಸತ್ತಿನಲ್ಲಿ ತಿಳಿಸಿದ್ದಾರೆ. ಪ್ರಶ್ನೋತ್ತರ ಅವಧಿಯಲ್ಲಿ ಉತ್ತರ ನೀಡಿದ ಅವರು, ಅತಿಕ್ರಮಣ ತೆರವಿಗೆ ಸರ್ಕಾರ ಕ್ರಮ ಕೈಗೊಳ್ಳುತ್ತಿದೆ ಎಂದರು. ಒಟ್ಟು ರೈಲ್ವೆ ಭೂಮಿ ಸುಮಾರು 4.9 ಲಕ್ಷ ಹೆಕ್ಟೇರ್ ಇದ್ದು, ಅದರಲ್ಲಿ ಸ್ವಲ್ಪ ಭಾಗ ಅತಿಕ್ರಮಣಕ್ಕೆ ಒಳಗಾಗಿದೆ. ಹಲವು ರಾಜ್ಯಗಳಲ್ಲಿ ಅಕ್ರಮ ಒತ್ತುವರಿ ಪ್ರಕರಣಗಳು ಪತ್ತೆಯಾಗಿವೆ. ಇವುಗಳ ತೆರವಿಗಾಗಿ ರಾಜ್ಯ ಸರ್ಕಾರಗಳ ಸಹಕಾರ ಕೋರಲಾಗಿದೆ. ಸುಮಾರು ಶೇ. 0.02ರಷ್ಟು ರೈಲ್ವೆ ಭೂಮಿಯು ಅತಿಕ್ರಮಣಕ್ಕೆ ಒಳಗಾಗಿದೆ. ಅತಿಕ್ರಮಣ ತೆರವು ಕಾರ್ಯಾಚರಣೆ ನಿರಂತರವಾಗಿ ನಡೆಯುತ್ತಿದೆ. ಈ ಭೂಮಿಯನ್ನು ಮೂಲಸೌಕರ್ಯ ಅಭಿವೃದ್ಧಿಗೆ ಬಳಸುವ ಯೋಜನೆ ಇದೆ ಎಂದು ಸಚಿವರು ತಿಳಿಸಿದರು.
ಅಯೋಧ್ಯೆ: ರಾಮನವಮಿ ಹಿನ್ನೆಲೆ ರಾಮಲಲಾನ ದರ್ಶನ ಪಡೆದ ಲಕ್ಷಾಂತರ ಭಕ್ತರು
ಅಭಿಜಿತ್ ಮುಹೂರ್ತದಲ್ಲಿ ರಾಮನಿಗೆ ಸೂರ್ಯತಿಲಕ
ಅಯೋಧ್ಯೆ: ಚೈತ್ರ ನವರಾತ್ರಿಯ ಒಂಬತ್ತನೇ ದಿನ ಆಚರಿಸುವ ರಾಮನವಮಿಯ ಅಂಗವಾಗಿ ಅಯೋಧ್ಯೆಯ ರಾಮಮಂದಿರದಲ್ಲಿ ವಿಶೇಷ ಪೂಜೆಗಳು ನಡೆದವು. ಅಭಿಜಿತ್ ಮುಹೂರ್ತದಲ್ಲಿ ಮಧ್ಯಾಹ್ನ 12 ಗಂಟೆಗೆ ಬಾಲರಾಮನ ಹಣೆಗೆ ಸೂರ್ಯತಿಲಕ ಸ್ಪರ್ಶಿಸಿತು. ಸುಮಾರು ನಾಲ್ಕು ನಿಮಿಷಗಳ ಕಾಲ ಸೂರ್ಯನ ಕಿರಣಗಳು ರಾಮಲಲಾನ ಹಣೆಯನ್ನು ಬೆಳಗಿದವು. ವಿಶೇಷ ವೈಜ್ಞಾನಿಕ ವ್ಯವಸ್ಥೆಯ ಮೂಲಕ ಕನ್ನಡಿ ಮತ್ತು ಲೆನ್ಸ್‌ಗಳ ಸಹಾಯದಿಂದ ಸೂರ್ಯನ ಕಿರಣಗಳನ್ನು ಗರ್ಭಗುಡಿಗೆ ತಲುಪಿಸಲಾಯಿತು. ಈ ಅಪೂರ್ವ ಕ್ಷಣವನ್ನು ಕಣ್ತುಂಬಿಕೊಳ್ಳಲು ಲಕ್ಷಾಂತರ ಭಕ್ತರು ಅಯೋಧ್ಯೆಗೆ ಆಗಮಿಸಿದ್ದರು. ದೇವಾಲಯದ ಸುತ್ತಮುತ್ತ ಬಿಗಿ ಭದ್ರತೆ ಕಲ್ಪಿಸಲಾಗಿತ್ತು. ಮಧ್ಯಾಹ್ನ 12 ಗಂಟೆಗೆ ಸರಿಯಾಗಿ ಸೂರ್ಯತಿಲಕ ನಡೆಯಿತು. ಸಿಬಿಆರ್‌ಐ ರೂರ್ಕಿ ವಿಜ್ಞಾನಿಗಳು ಈ ವ್ಯವಸ್ಥೆ ರೂಪಿಸಿದ್ದಾರೆ.
ಸಾಕ್ಷಿಯಾದ ಪ್ರಧಾನಿ ಮೋದಿ
ಅಯೋಧ್ಯೆಯ ರಾಮಮಂದಿರದಲ್ಲಿ ನಡೆದ ಸೂರ್ಯತಿಲಕ ಕಾರ್ಯಕ್ರಮವನ್ನು ಪ್ರಧಾನಿ ನರೇಂದ್ರ ಮೋದಿ ಅವರು ವೀಕ್ಷಿಸಿದರು. ಅಯೋಧ್ಯೆಯ ರಾಮಮಂದಿರದಲ್ಲಿ ನಡೆದ ಈ ಅದ್ಭುತ ಕ್ಷಣವನ್ನು ಲೈವ್ ಮೂಲಕ ವೀಕ್ಷಿಸಿದ ಪ್ರಧಾನಿ, ದೇಶವಾಸಿಗಳಿಗೆ ರಾಮನವಮಿಯ ಶುಭಾಶಯ ಕೋರಿದರು.
ಪ್ರಾಣಪ್ರತಿಷ್ಠೆಯ ನಂತರದ ಎರಡನೇ ರಾಮನವಮಿ ಇದಾಗಿದ್ದು, ಭಕ್ತರು ಭಾರೀ ಸಂಖ್ಯೆಯಲ್ಲಿ ಪಾಲ್ಗೊಂಡರು. ದೇವಾಲಯ ಟ್ರಸ್ಟ್ ಭಕ್ತರಿಗೆ ಸುಗಮ ದರ್ಶನಕ್ಕೆ ವ್ಯವಸ್ಥೆ ಕಲ್ಪಿಸಿತ್ತು.
ವಿಶೇಷ ವಿನ್ಯಾಸದ ಪರಿಕರ ವ್ಯವಸ್ಥೆ: ಸುಮಾರು 65 ಅಡಿ ಎತ್ತರದಿಂದ ಸೂರ್ಯನ ಕಿರಣಗಳನ್ನು ಗರ್ಭಗುಡಿಗೆ ತಲುಪಿಸಲು ಕನ್ನಡಿಗಳು ಮತ್ತು ಲೆನ್ಸ್‌ಗಳ ವ್ಯವಸ್ಥೆ ಮಾಡಲಾಗಿದೆ. ವಿದ್ಯುತ್ ಅಥವಾ ಬ್ಯಾಟರಿ ಇಲ್ಲದೆ ಕಾರ್ಯನಿರ್ವಹಿಸುವ ವ್ಯವಸ್ಥೆ ಇದಾಗಿದೆ.
ಪ್ರಧಾನ ಆಕರ್ಷಣೆ: ರಾಮನವಮಿ ಉತ್ಸವದ ಪ್ರಮುಖ ಆಕರ್ಷಣೆಯಾಗಿರುವ ಸೂರ್ಯತಿಲಕವನ್ನು ದೂರದರ್ಶನ ಮತ್ತು ಸಾಮಾಜಿಕ ಮಾಧ್ಯಮಗಳ ಮೂಲಕ ಕೋಟ್ಯಂತರ ಜನರು ವೀಕ್ಷಿಸಿದರು. ಭಕ್ತರು ಜೈ ಶ್ರೀರಾಮ್ ಘೋಷಣೆ ಕೂಗಿ ಸಂಭ್ರಮಿಸಿದರು.
